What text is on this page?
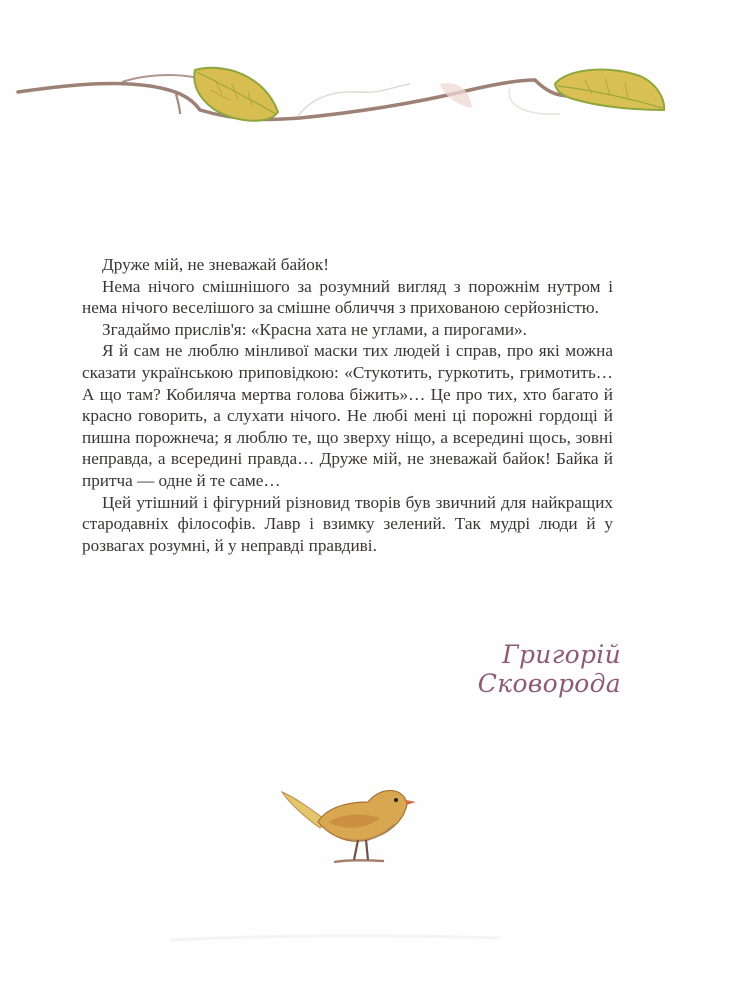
Друже мій, не зневажай байок!

Нема нічого смішнішого за розумний вигляд з порожнім нутром і нема нічого веселішого за смішне обличчя з прихованою серйозністю.

Згадаймо прислів'я: «Красна хата не углами, а пирогами».

Я й сам не люблю мінливої маски тих людей і справ, про які можна сказати українською приповідкою: «Стукотить, гуркотить, гримотить… А що там? Кобиляча мертва голова біжить»… Це про тих, хто багато й красно говорить, а слухати нічого. Не любі мені ці порожні гордощі й пишна порожнеча; я люблю те, що зверху ніщо, а всередині щось, зовні неправда, а всередині правда… Друже мій, не зневажай байок! Байка й притча — одне й те саме…

Цей утішний і фігурний різновид творів був звичний для найкращих стародавніх філософів. Лавр і взимку зелений. Так мудрі люди й у розвагах розумні, й у неправді правдиві.

Григорій Сковорода
